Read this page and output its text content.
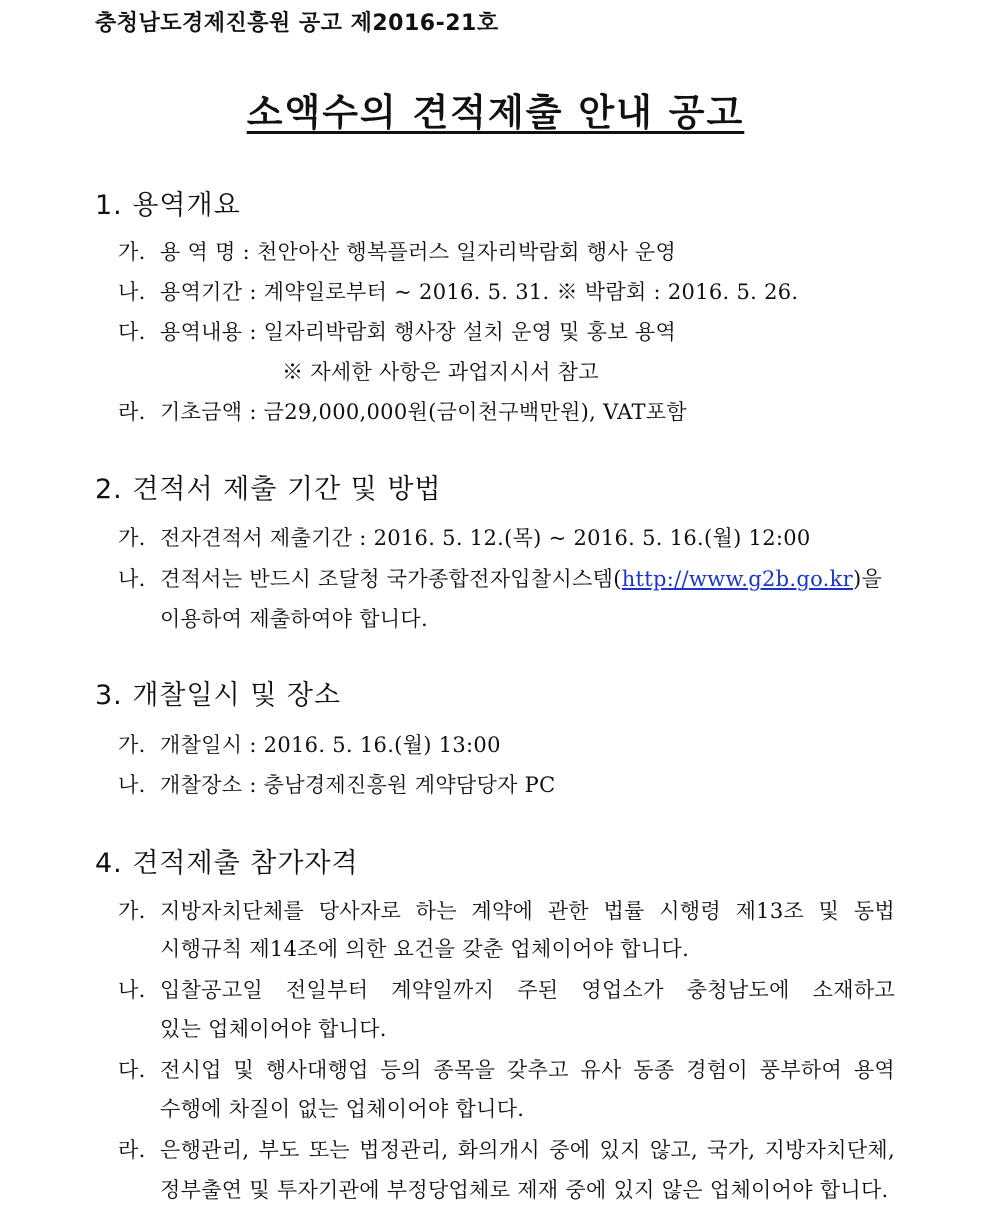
충청남도경제진흥원 공고 제2016-21호
소액수의 견적제출 안내 공고
1. 용역개요
가. 용 역 명 : 천안아산 행복플러스 일자리박람회 행사 운영
나. 용역기간 : 계약일로부터 ~ 2016. 5. 31. ※ 박람회 : 2016. 5. 26.
다. 용역내용 : 일자리박람회 행사장 설치 운영 및 홍보 용역
※ 자세한 사항은 과업지시서 참고
라. 기초금액 : 금29,000,000원(금이천구백만원), VAT포함
2. 견적서 제출 기간 및 방법
가. 전자견적서 제출기간 : 2016. 5. 12.(목) ~ 2016. 5. 16.(월) 12:00
나. 견적서는 반드시 조달청 국가종합전자입찰시스템(http://www.g2b.go.kr)을
이용하여 제출하여야 합니다.
3. 개찰일시 및 장소
가. 개찰일시 : 2016. 5. 16.(월) 13:00
나. 개찰장소 : 충남경제진흥원 계약담당자 PC
4. 견적제출 참가자격
가. 지방자치단체를 당사자로 하는 계약에 관한 법률 시행령 제13조 및 동법
시행규칙 제14조에 의한 요건을 갖춘 업체이어야 합니다.
나. 입찰공고일 전일부터 계약일까지 주된 영업소가 충청남도에 소재하고
있는 업체이어야 합니다.
다. 전시업 및 행사대행업 등의 종목을 갖추고 유사 동종 경험이 풍부하여 용역
수행에 차질이 없는 업체이어야 합니다.
라. 은행관리, 부도 또는 법정관리, 화의개시 중에 있지 않고, 국가, 지방자치단체,
정부출연 및 투자기관에 부정당업체로 제재 중에 있지 않은 업체이어야 합니다.
